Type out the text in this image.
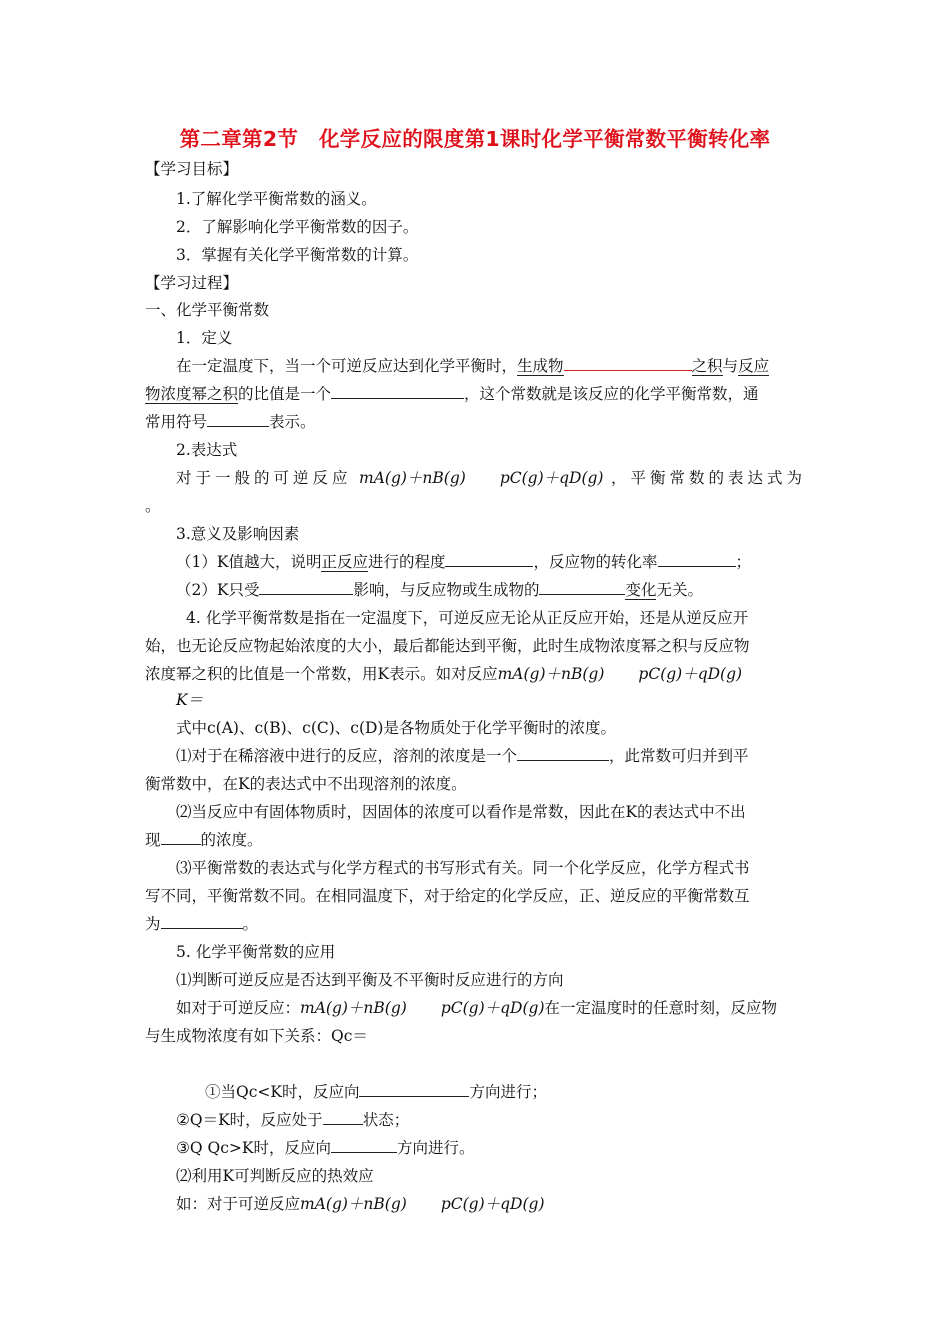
第二章第2节　化学反应的限度第1课时化学平衡常数平衡转化率
【学习目标】
1.了解化学平衡常数的涵义。
2．了解影响化学平衡常数的因子。
3．掌握有关化学平衡常数的计算。
【学习过程】
一、化学平衡常数
1．定义
在一定温度下，当一个可逆反应达到化学平衡时，生成物	之积与反应
物浓度幂之积的比值是一个	，这个常数就是该反应的化学平衡常数，通
常用符号	表示。
2.表达式
对于一般的可逆反应 mA(g)＋nB(g) pC(g)＋qD(g) ，平衡常数的表达式为
。
3.意义及影响因素
（1）K值越大，说明正反应进行的程度	，反应物的转化率	；
（2）K只受	影响，与反应物或生成物的	变化无关。
4. 化学平衡常数是指在一定温度下，可逆反应无论从正反应开始，还是从逆反应开
始，也无论反应物起始浓度的大小，最后都能达到平衡，此时生成物浓度幂之积与反应物
浓度幂之积的比值是一个常数，用K表示。如对反应mA(g)＋nB(g) pC(g)＋qD(g)
K＝
式中c(A)、c(B)、c(C)、c(D)是各物质处于化学平衡时的浓度。
⑴对于在稀溶液中进行的反应，溶剂的浓度是一个	，此常数可归并到平
衡常数中，在K的表达式中不出现溶剂的浓度。
⑵当反应中有固体物质时，因固体的浓度可以看作是常数，因此在K的表达式中不出
现	的浓度。
⑶平衡常数的表达式与化学方程式的书写形式有关。同一个化学反应，化学方程式书
写不同，平衡常数不同。在相同温度下，对于给定的化学反应，正、逆反应的平衡常数互
为	。
5. 化学平衡常数的应用
⑴判断可逆反应是否达到平衡及不平衡时反应进行的方向
如对于可逆反应：mA(g)＋nB(g) pC(g)＋qD(g)在一定温度时的任意时刻，反应物
与生成物浓度有如下关系：Qc＝
①当Qc<K时，反应向	方向进行；
②Q＝K时，反应处于	状态；
③Q Qc>K时，反应向	方向进行。
⑵利用K可判断反应的热效应
如：对于可逆反应mA(g)＋nB(g) pC(g)＋qD(g)
